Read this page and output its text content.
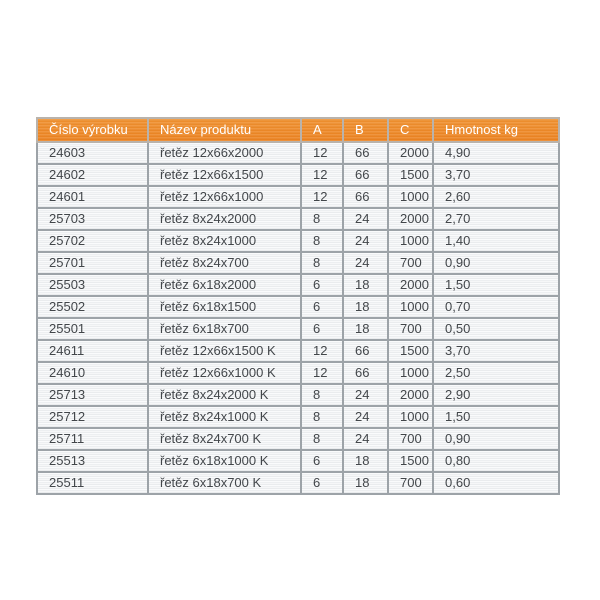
Číslo výrobku	Název produktu	A	B	C	Hmotnost kg
24603	řetěz 12x66x2000	12	66	2000	4,90
24602	řetěz 12x66x1500	12	66	1500	3,70
24601	řetěz 12x66x1000	12	66	1000	2,60
25703	řetěz 8x24x2000	8	24	2000	2,70
25702	řetěz 8x24x1000	8	24	1000	1,40
25701	řetěz 8x24x700	8	24	700	0,90
25503	řetěz 6x18x2000	6	18	2000	1,50
25502	řetěz 6x18x1500	6	18	1000	0,70
25501	řetěz 6x18x700	6	18	700	0,50
24611	řetěz 12x66x1500 K	12	66	1500	3,70
24610	řetěz 12x66x1000 K	12	66	1000	2,50
25713	řetěz 8x24x2000 K	8	24	2000	2,90
25712	řetěz 8x24x1000 K	8	24	1000	1,50
25711	řetěz 8x24x700 K	8	24	700	0,90
25513	řetěz 6x18x1000 K	6	18	1500	0,80
25511	řetěz 6x18x700 K	6	18	700	0,60
